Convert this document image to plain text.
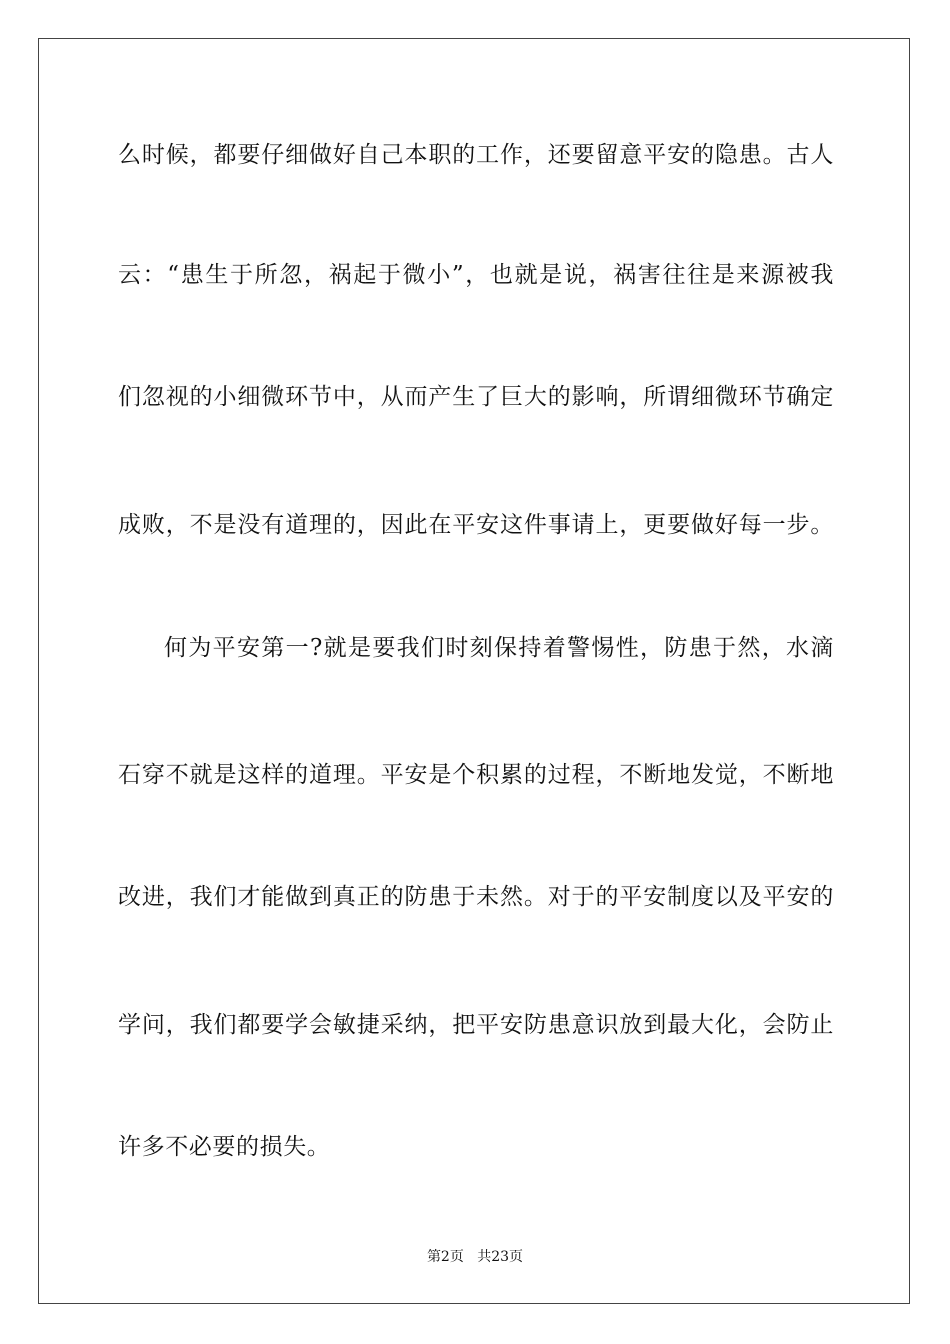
么时候，都要仔细做好自己本职的工作，还要留意平安的隐患。古人
云：“患生于所忽，祸起于微小”，也就是说，祸害往往是来源被我
们忽视的小细微环节中，从而产生了巨大的影响，所谓细微环节确定
成败，不是没有道理的，因此在平安这件事请上，更要做好每一步。
何为平安第一?就是要我们时刻保持着警惕性，防患于然，水滴
石穿不就是这样的道理。平安是个积累的过程，不断地发觉，不断地
改进，我们才能做到真正的防患于未然。对于的平安制度以及平安的
学问，我们都要学会敏捷采纳，把平安防患意识放到最大化，会防止
许多不必要的损失。
第2页 共23页
